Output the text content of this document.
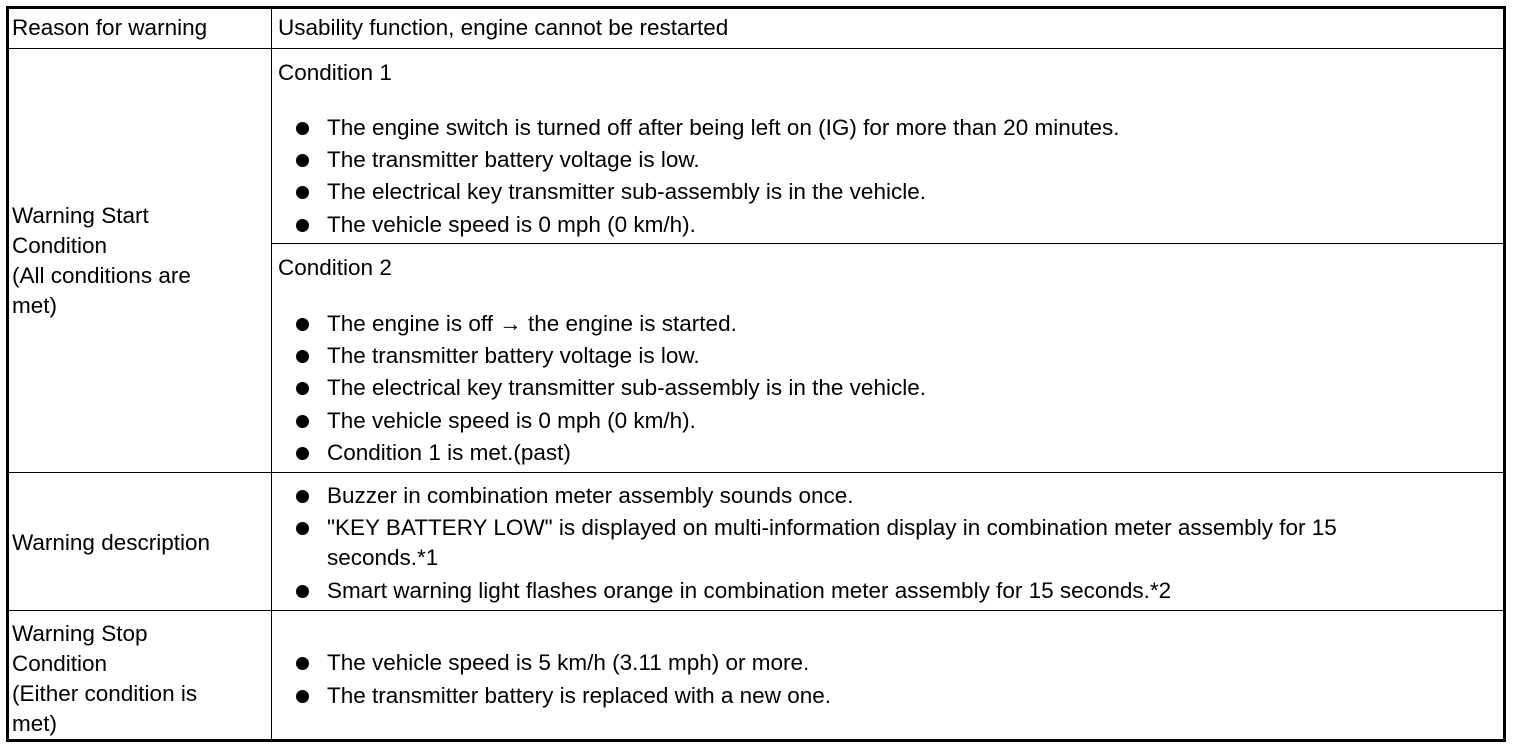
Reason for warning	Usability function, engine cannot be restarted
Warning Start
Condition
(All conditions are
met)
Condition 1
The engine switch is turned off after being left on (IG) for more than 20 minutes.
The transmitter battery voltage is low.
The electrical key transmitter sub-assembly is in the vehicle.
The vehicle speed is 0 mph (0 km/h).
Condition 2
The engine is off → the engine is started.
The transmitter battery voltage is low.
The electrical key transmitter sub-assembly is in the vehicle.
The vehicle speed is 0 mph (0 km/h).
Condition 1 is met.(past)
Warning description
Buzzer in combination meter assembly sounds once.
"KEY BATTERY LOW" is displayed on multi-information display in combination meter assembly for 15
seconds.*1
Smart warning light flashes orange in combination meter assembly for 15 seconds.*2
Warning Stop
Condition
(Either condition is
met)
The vehicle speed is 5 km/h (3.11 mph) or more.
The transmitter battery is replaced with a new one.
